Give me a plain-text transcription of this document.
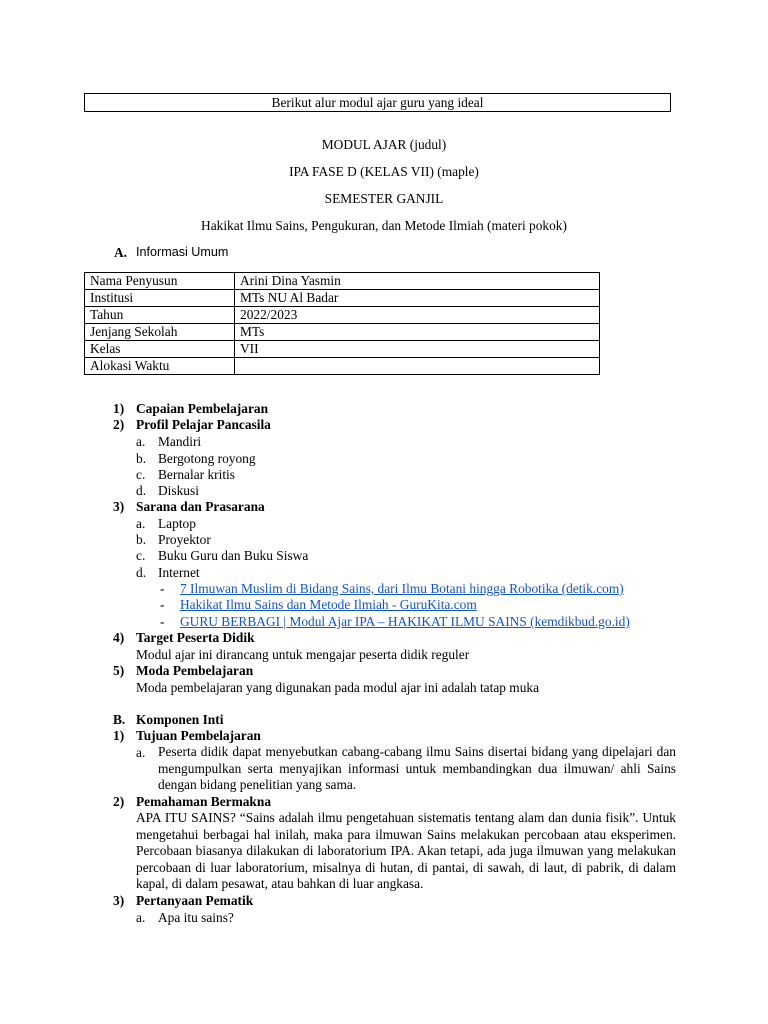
Berikut alur modul ajar guru yang ideal
MODUL AJAR (judul)
IPA FASE D (KELAS VII) (maple)
SEMESTER GANJIL
Hakikat Ilmu Sains, Pengukuran, dan Metode Ilmiah (materi pokok)
A. Informasi Umum
Nama Penyusun	Arini Dina Yasmin
Institusi	MTs NU Al Badar
Tahun	2022/2023
Jenjang Sekolah	MTs
Kelas	VII
Alokasi Waktu	
1) Capaian Pembelajaran
2) Profil Pelajar Pancasila
a. Mandiri
b. Bergotong royong
c. Bernalar kritis
d. Diskusi
3) Sarana dan Prasarana
a. Laptop
b. Proyektor
c. Buku Guru dan Buku Siswa
d. Internet
- 7 Ilmuwan Muslim di Bidang Sains, dari Ilmu Botani hingga Robotika (detik.com)
- Hakikat Ilmu Sains dan Metode Ilmiah - GuruKita.com
- GURU BERBAGI | Modul Ajar IPA – HAKIKAT ILMU SAINS (kemdikbud.go.id)
4) Target Peserta Didik
Modul ajar ini dirancang untuk mengajar peserta didik reguler
5) Moda Pembelajaran
Moda pembelajaran yang digunakan pada modul ajar ini adalah tatap muka
B. Komponen Inti
1) Tujuan Pembelajaran
a. Peserta didik dapat menyebutkan cabang-cabang ilmu Sains disertai bidang yang dipelajari dan mengumpulkan serta menyajikan informasi untuk membandingkan dua ilmuwan/ ahli Sains dengan bidang penelitian yang sama.
2) Pemahaman Bermakna
APA ITU SAINS? “Sains adalah ilmu pengetahuan sistematis tentang alam dan dunia fisik”. Untuk mengetahui berbagai hal inilah, maka para ilmuwan Sains melakukan percobaan atau eksperimen. Percobaan biasanya dilakukan di laboratorium IPA. Akan tetapi, ada juga ilmuwan yang melakukan percobaan di luar laboratorium, misalnya di hutan, di pantai, di sawah, di laut, di pabrik, di dalam kapal, di dalam pesawat, atau bahkan di luar angkasa.
3) Pertanyaan Pematik
a. Apa itu sains?
